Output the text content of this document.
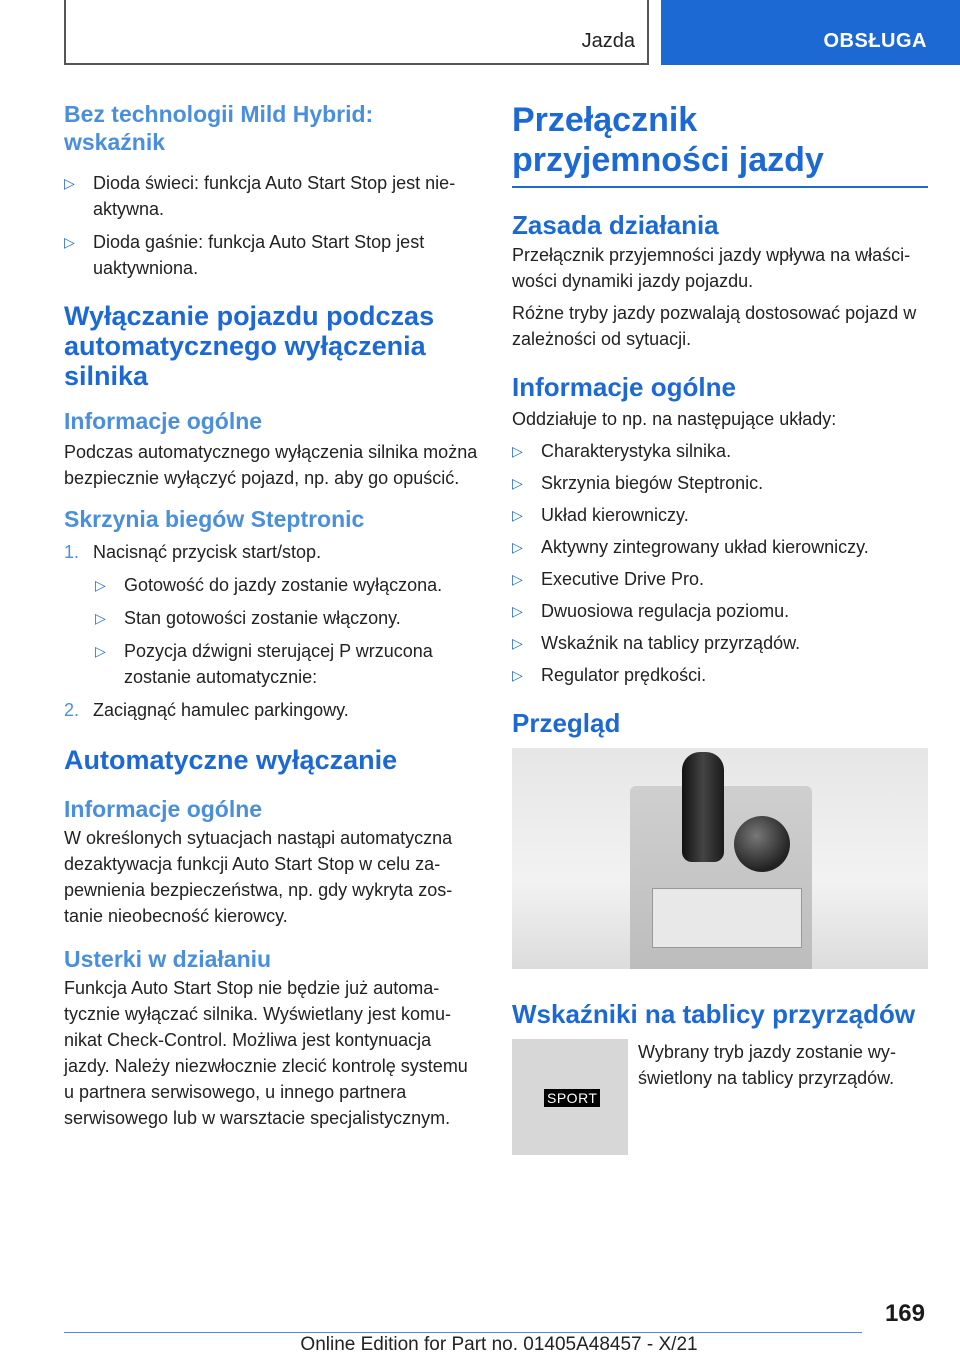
Jazda	OBSŁUGA
Bez technologii Mild Hybrid: wskaźnik
▷ Dioda świeci: funkcja Auto Start Stop jest nieaktywna.
▷ Dioda gaśnie: funkcja Auto Start Stop jest uaktywniona.
Wyłączanie pojazdu podczas automatycznego wyłączenia silnika
Informacje ogólne

Podczas automatycznego wyłączenia silnika można bezpiecznie wyłączyć pojazd, np. aby go opuścić.

Skrzynia biegów Steptronic
1. Nacisnąć przycisk start/stop.
▷ Gotowość do jazdy zostanie wyłączona.
▷ Stan gotowości zostanie włączony.
▷ Pozycja dźwigni sterującej P wrzucona zostanie automatycznie:
2. Zaciągnąć hamulec parkingowy.
Automatyczne wyłączanie
Informacje ogólne

W określonych sytuacjach nastąpi automatyczna dezaktywacja funkcji Auto Start Stop w celu zapewnienia bezpieczeństwa, np. gdy wykryta zostanie nieobecność kierowcy.

Usterki w działaniu

Funkcja Auto Start Stop nie będzie już automatycznie wyłączać silnika. Wyświetlany jest komunikat Check-Control. Możliwa jest kontynuacja jazdy. Należy niezwłocznie zlecić kontrolę systemu u partnera serwisowego, u innego partnera serwisowego lub w warsztacie specjalistycznym.

Przełącznik przyjemności jazdy
Zasada działania

Przełącznik przyjemności jazdy wpływa na właściwości dynamiki jazdy pojazdu.

Różne tryby jazdy pozwalają dostosować pojazd w zależności od sytuacji.

Informacje ogólne

Oddziałuje to np. na następujące układy:

▷ Charakterystyka silnika.
▷ Skrzynia biegów Steptronic.
▷ Układ kierowniczy.
▷ Aktywny zintegrowany układ kierowniczy.
▷ Executive Drive Pro.
▷ Dwuosiowa regulacja poziomu.
▷ Wskaźnik na tablicy przyrządów.
▷ Regulator prędkości.
Przegląd
Wskaźniki na tablicy przyrządów
SPORT

Wybrany tryb jazdy zostanie wyświetlony na tablicy przyrządów.

169
Online Edition for Part no. 01405A48457 - X/21
